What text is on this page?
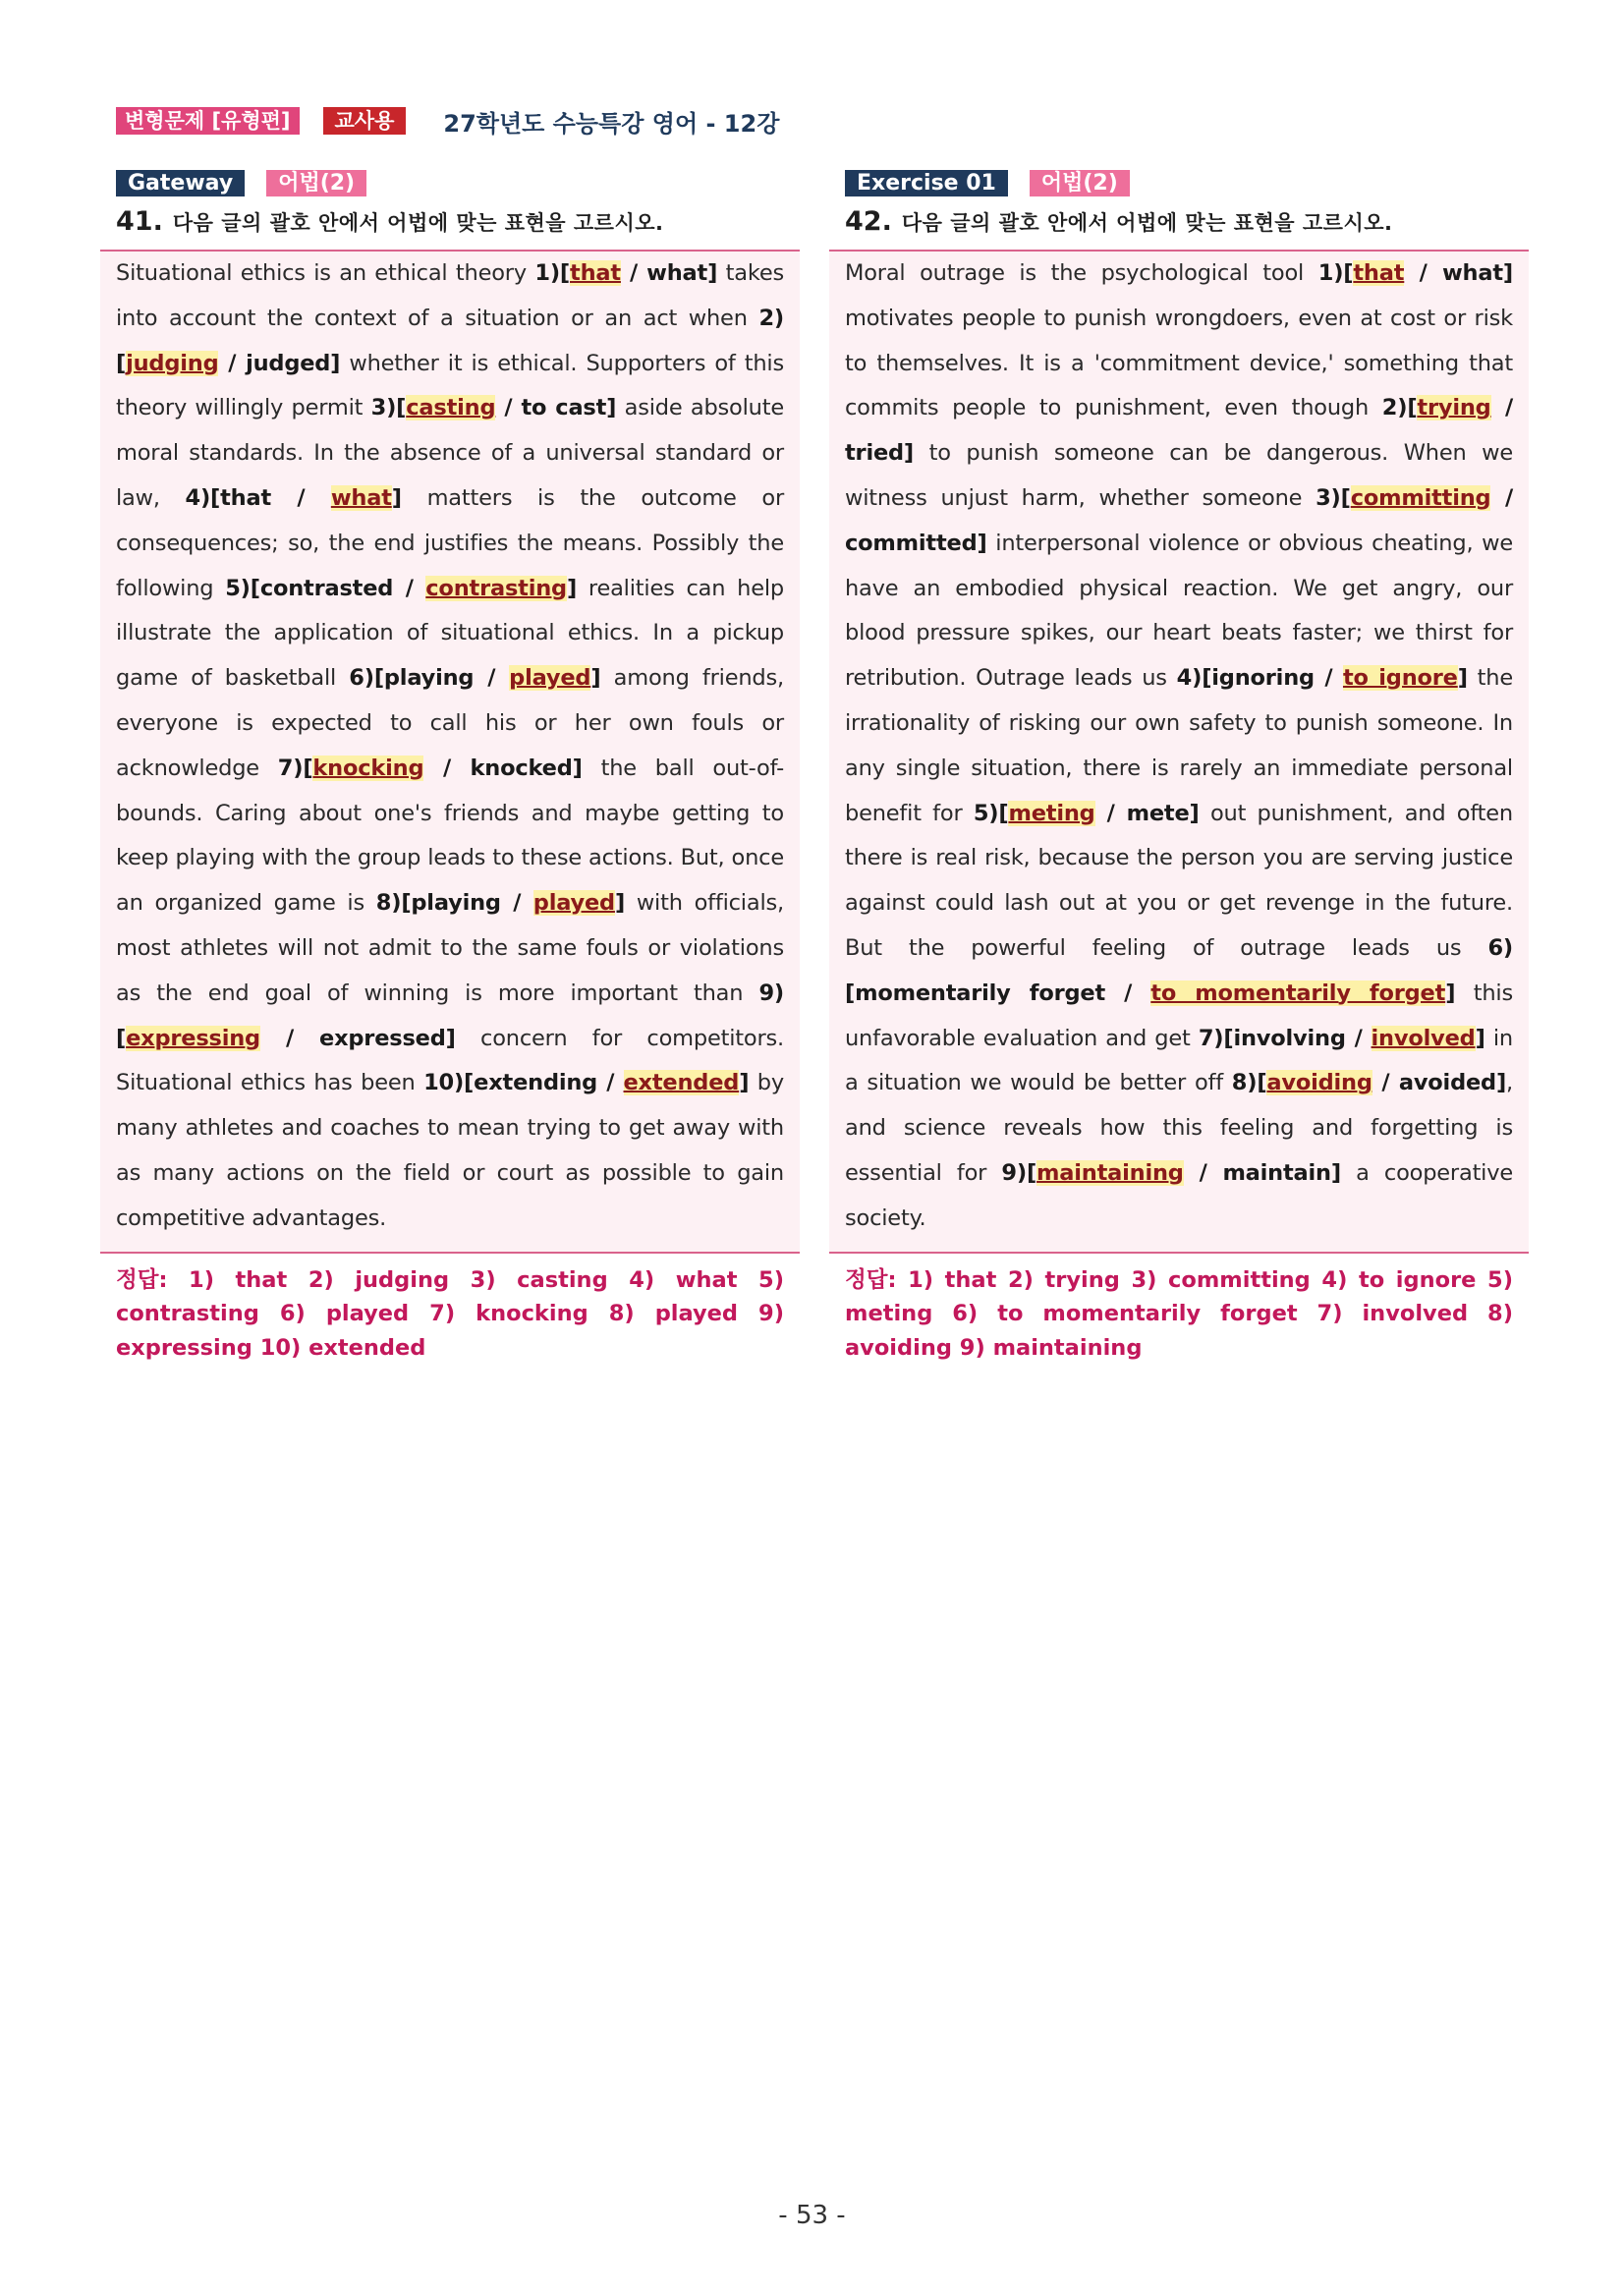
변형문제 [유형편]	교사용	27학년도 수능특강 영어 - 12강
Gateway	어법(2)
41. 다음 글의 괄호 안에서 어법에 맞는 표현을 고르시오.

Situational ethics is an ethical theory 1)[that / what] takes into account the context of a situation or an act when 2)[judging / judged] whether it is ethical. Supporters of this theory willingly permit 3)[casting / to cast] aside absolute moral standards. In the absence of a universal standard or law, 4)[that / what] matters is the outcome or consequences; so, the end justifies the means. Possibly the following 5)[contrasted / contrasting] realities can help illustrate the application of situational ethics. In a pickup game of basketball 6)[playing / played] among friends, everyone is expected to call his or her own fouls or acknowledge 7)[knocking / knocked] the ball out-of-bounds. Caring about one's friends and maybe getting to keep playing with the group leads to these actions. But, once an organized game is 8)[playing / played] with officials, most athletes will not admit to the same fouls or violations as the end goal of winning is more important than 9)[expressing / expressed] concern for competitors. Situational ethics has been 10)[extending / extended] by many athletes and coaches to mean trying to get away with as many actions on the field or court as possible to gain competitive advantages.

정답: 1) that 2) judging 3) casting 4) what 5) contrasting 6) played 7) knocking 8) played 9) expressing 10) extended
Exercise 01	어법(2)
42. 다음 글의 괄호 안에서 어법에 맞는 표현을 고르시오.

Moral outrage is the psychological tool 1)[that / what] motivates people to punish wrongdoers, even at cost or risk to themselves. It is a 'commitment device,' something that commits people to punishment, even though 2)[trying / tried] to punish someone can be dangerous. When we witness unjust harm, whether someone 3)[committing / committed] interpersonal violence or obvious cheating, we have an embodied physical reaction. We get angry, our blood pressure spikes, our heart beats faster; we thirst for retribution. Outrage leads us 4)[ignoring / to ignore] the irrationality of risking our own safety to punish someone. In any single situation, there is rarely an immediate personal benefit for 5)[meting / mete] out punishment, and often there is real risk, because the person you are serving justice against could lash out at you or get revenge in the future. But the powerful feeling of outrage leads us 6)[momentarily forget / to momentarily forget] this unfavorable evaluation and get 7)[involving / involved] in a situation we would be better off 8)[avoiding / avoided], and science reveals how this feeling and forgetting is essential for 9)[maintaining / maintain] a cooperative society.

정답: 1) that 2) trying 3) committing 4) to ignore 5) meting 6) to momentarily forget 7) involved 8) avoiding 9) maintaining
- 53 -
